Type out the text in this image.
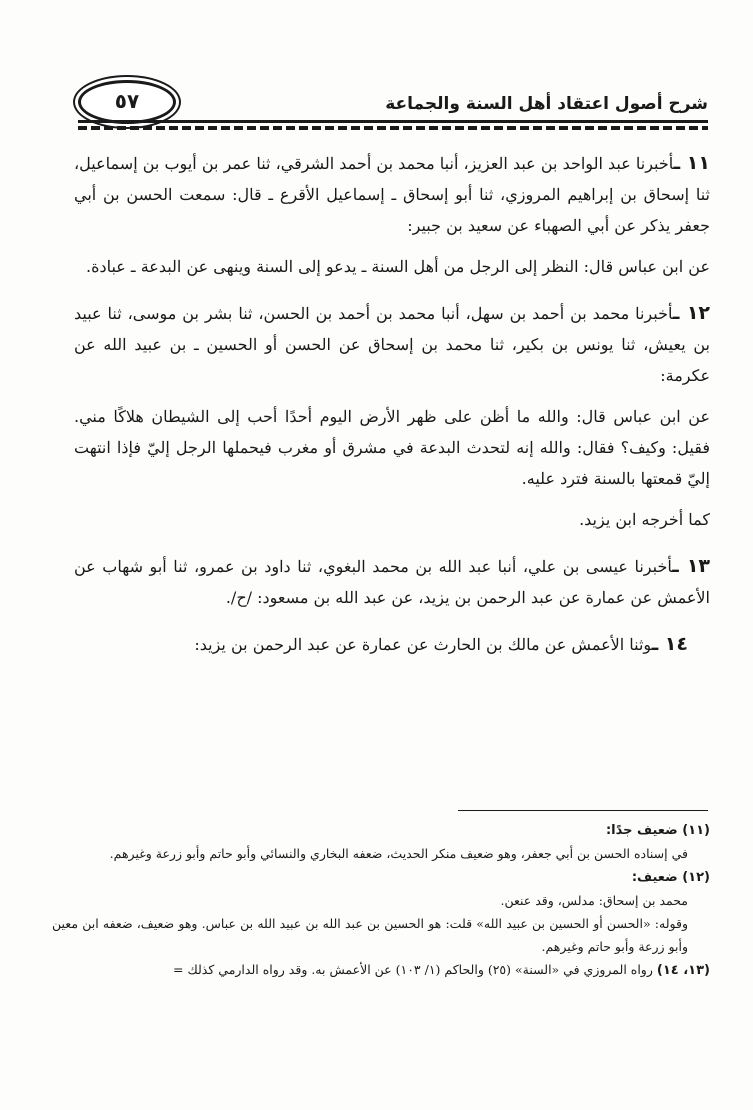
٥٧	شرح أصول اعتقاد أهل السنة والجماعة

١١ ـأخبرنا عبد الواحد بن عبد العزيز، أنبا محمد بن أحمد الشرقي، ثنا عمر بن أيوب بن إسماعيل، ثنا إسحاق بن إبراهيم المروزي، ثنا أبو إسحاق ـ إسماعيل الأقرع ـ قال: سمعت الحسن بن أبي جعفر يذكر عن أبي الصهباء عن سعيد بن جبير:

عن ابن عباس قال: النظر إلى الرجل من أهل السنة ـ يدعو إلى السنة وينهى عن البدعة ـ عبادة.

١٢ ـأخبرنا محمد بن أحمد بن سهل، أنبا محمد بن أحمد بن الحسن، ثنا بشر بن موسى، ثنا عبيد بن يعيش، ثنا يونس بن بكير، ثنا محمد بن إسحاق عن الحسن أو الحسين ـ بن عبيد الله عن عكرمة:

عن ابن عباس قال: والله ما أظن على ظهر الأرض اليوم أحدًا أحب إلى الشيطان هلاكًا مني. فقيل: وكيف؟ فقال: والله إنه لتحدث البدعة في مشرق أو مغرب فيحملها الرجل إليّ فإذا انتهت إليّ قمعتها بالسنة فترد عليه.

كما أخرجه ابن يزيد.

١٣ ـأخبرنا عيسى بن علي، أنبا عبد الله بن محمد البغوي، ثنا داود بن عمرو، ثنا أبو شهاب عن الأعمش عن عمارة عن عبد الرحمن بن يزيد، عن عبد الله بن مسعود: /ح/.

١٤ ـوثنا الأعمش عن مالك بن الحارث عن عمارة عن عبد الرحمن بن يزيد:

(١١) ضعيف جدًا:

في إسناده الحسن بن أبي جعفر، وهو ضعيف منكر الحديث، ضعفه البخاري والنسائي وأبو حاتم وأبو زرعة وغيرهم.

(١٢) ضعيف:

محمد بن إسحاق: مدلس، وقد عنعن.

وقوله: «الحسن أو الحسين بن عبيد الله» قلت: هو الحسين بن عبد الله بن عبيد الله بن عباس. وهو ضعيف، ضعفه ابن معين وأبو زرعة وأبو حاتم وغيرهم.

(١٣، ١٤) رواه المروزي في «السنة» (٢٥) والحاكم (١/ ١٠٣) عن الأعمش به. وقد رواه الدارمي كذلك =
